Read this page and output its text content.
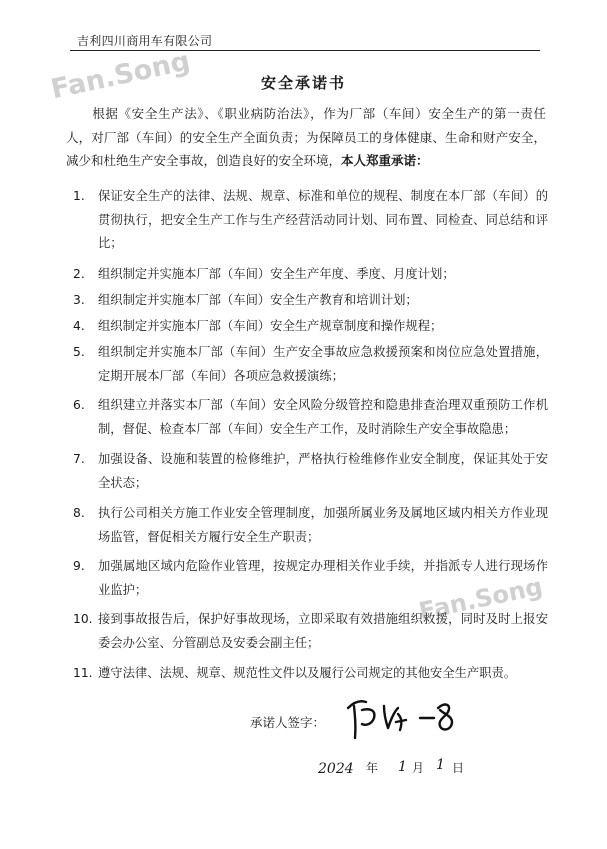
吉利四川商用车有限公司
Fan.Song
Fan.Song
安全承诺书
根据《安全生产法》、《职业病防治法》，作为厂部（车间）安全生产的第一责任人，对厂部（车间）的安全生产全面负责；为保障员工的身体健康、生命和财产安全，减少和杜绝生产安全事故，创造良好的安全环境，本人郑重承诺：
1.	保证安全生产的法律、法规、规章、标准和单位的规程、制度在本厂部（车间）的贯彻执行，把安全生产工作与生产经营活动同计划、同布置、同检查、同总结和评比；
2.	组织制定并实施本厂部（车间）安全生产年度、季度、月度计划；
3.	组织制定并实施本厂部（车间）安全生产教育和培训计划；
4.	组织制定并实施本厂部（车间）安全生产规章制度和操作规程；
5.	组织制定并实施本厂部（车间）生产安全事故应急救援预案和岗位应急处置措施，定期开展本厂部（车间）各项应急救援演练；
6.	组织建立并落实本厂部（车间）安全风险分级管控和隐患排查治理双重预防工作机制，督促、检查本厂部（车间）安全生产工作，及时消除生产安全事故隐患；
7.	加强设备、设施和装置的检修维护，严格执行检维修作业安全制度，保证其处于安全状态；
8.	执行公司相关方施工作业安全管理制度，加强所属业务及属地区域内相关方作业现场监管，督促相关方履行安全生产职责；
9.	加强属地区域内危险作业管理，按规定办理相关作业手续，并指派专人进行现场作业监护；
10. 接到事故报告后，保护好事故现场，立即采取有效措施组织救援，同时及时上报安委会办公室、分管副总及安委会副主任；
11. 遵守法律、法规、规章、规范性文件以及履行公司规定的其他安全生产职责。
承诺人签字：
2024 年 1 月 1 日
